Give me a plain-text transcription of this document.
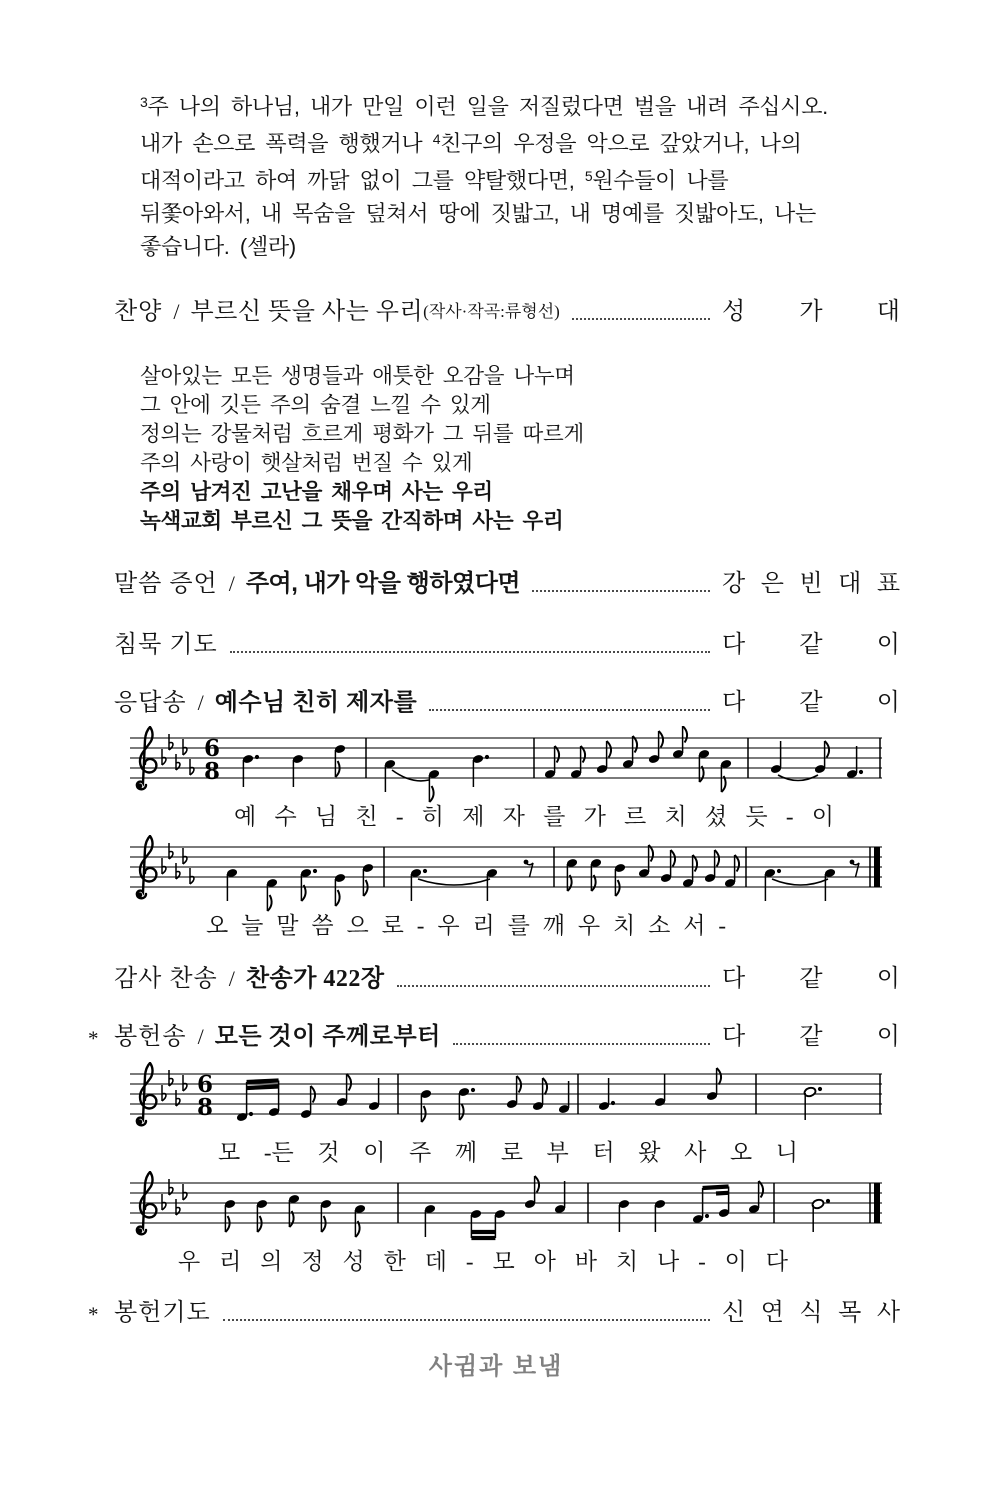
$^3$주 나의 하나님, 내가 만일 이런 일을 저질렀다면 벌을 내려 주십시오.
내가 손으로 폭력을 행했거나 $^4$친구의 우정을 악으로 갚았거나, 나의
대적이라고 하여 까닭 없이 그를 약탈했다면, $^5$원수들이 나를
뒤쫓아와서, 내 목숨을 덮쳐서 땅에 짓밟고, 내 명예를 짓밟아도, 나는
좋습니다. (셀라)
찬양 / 부르신 뜻을 사는 우리 (작사·작곡:류형선)	성 가 대
살아있는 모든 생명들과 애틋한 오감을 나누며
그 안에 깃든 주의 숨결 느낄 수 있게
정의는 강물처럼 흐르게 평화가 그 뒤를 따르게
주의 사랑이 햇살처럼 번질 수 있게
주의 남겨진 고난을 채우며 사는 우리
녹색교회 부르신 그 뜻을 간직하며 사는 우리
말씀 증언 / 주여, 내가 악을 행하였다면	강 은 빈 대 표
침묵 기도	다 같 이
응답송 / 예수님 친히 제자를	다 같 이
6
8
예 수 님 친 - 히 제 자 를 가 르 치 셨 듯 - 이
오 늘 말 씀 으 로 - 우 리 를 깨 우 치 소 서 -
감사 찬송 / 찬송가 422장	다 같 이
* 봉헌송 / 모든 것이 주께로부터	다 같 이
6
8
모 -든 것 이 주 께 로 부 터 왔 사 오 니
우 리 의 정 성 한 데 - 모 아 바 치 나 - 이 다
* 봉헌기도	신 연 식 목 사
사귐과 보냄
